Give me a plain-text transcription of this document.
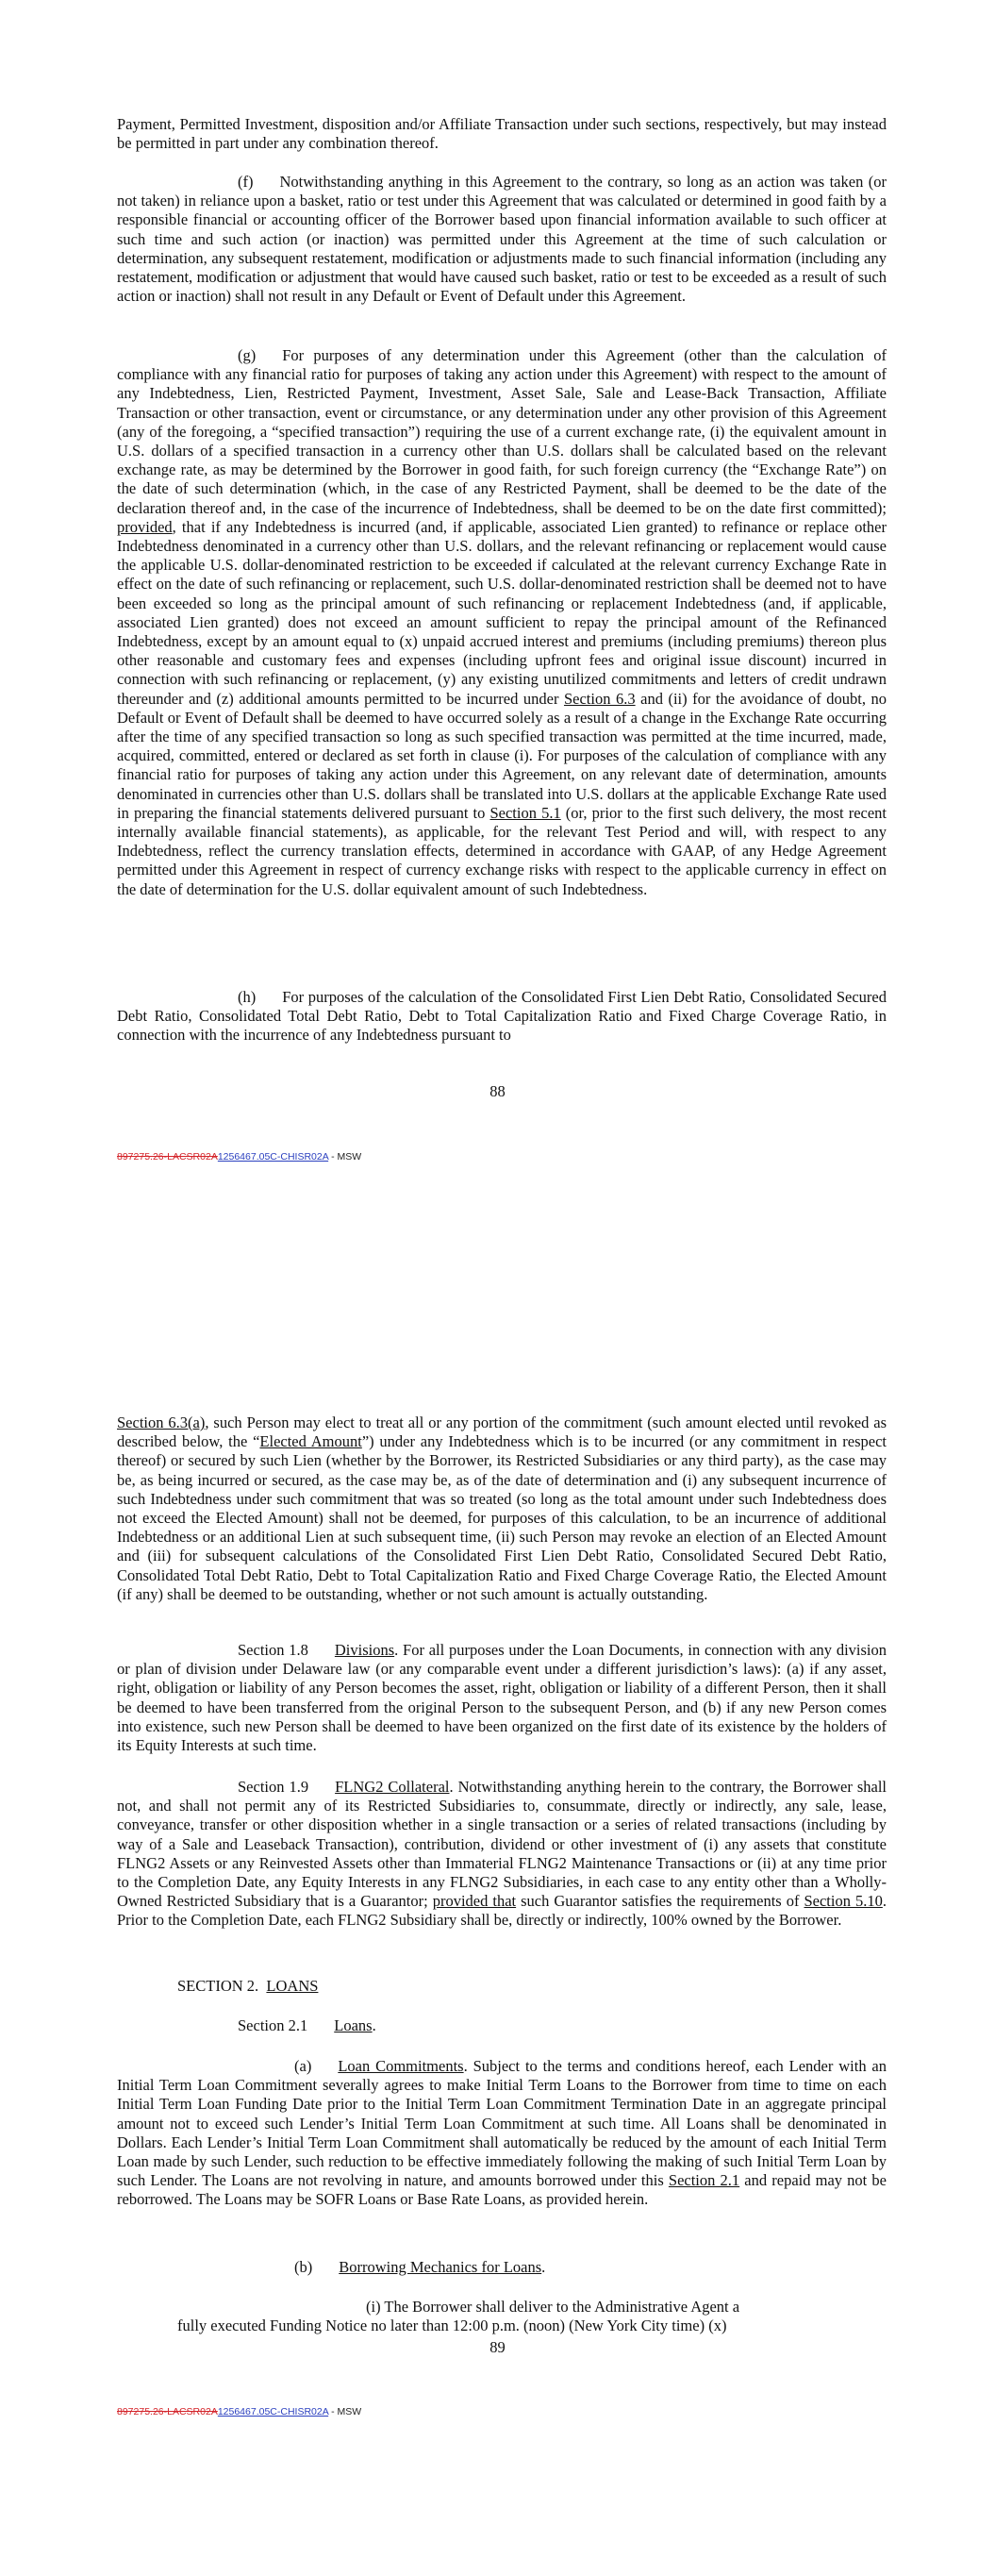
Payment, Permitted Investment, disposition and/or Affiliate Transaction under such sections, respectively, but may instead be permitted in part under any combination thereof.

(f) Notwithstanding anything in this Agreement to the contrary, so long as an action was taken (or not taken) in reliance upon a basket, ratio or test under this Agreement that was calculated or determined in good faith by a responsible financial or accounting officer of the Borrower based upon financial information available to such officer at such time and such action (or inaction) was permitted under this Agreement at the time of such calculation or determination, any subsequent restatement, modification or adjustments made to such financial information (including any restatement, modification or adjustment that would have caused such basket, ratio or test to be exceeded as a result of such action or inaction) shall not result in any Default or Event of Default under this Agreement.

(g) For purposes of any determination under this Agreement (other than the calculation of compliance with any financial ratio for purposes of taking any action under this Agreement) with respect to the amount of any Indebtedness, Lien, Restricted Payment, Investment, Asset Sale, Sale and Lease-Back Transaction, Affiliate Transaction or other transaction, event or circumstance, or any determination under any other provision of this Agreement (any of the foregoing, a “specified transaction”) requiring the use of a current exchange rate, (i) the equivalent amount in U.S. dollars of a specified transaction in a currency other than U.S. dollars shall be calculated based on the relevant exchange rate, as may be determined by the Borrower in good faith, for such foreign currency (the “Exchange Rate”) on the date of such determination (which, in the case of any Restricted Payment, shall be deemed to be the date of the declaration thereof and, in the case of the incurrence of Indebtedness, shall be deemed to be on the date first committed); provided, that if any Indebtedness is incurred (and, if applicable, associated Lien granted) to refinance or replace other Indebtedness denominated in a currency other than U.S. dollars, and the relevant refinancing or replacement would cause the applicable U.S. dollar-denominated restriction to be exceeded if calculated at the relevant currency Exchange Rate in effect on the date of such refinancing or replacement, such U.S. dollar-denominated restriction shall be deemed not to have been exceeded so long as the principal amount of such refinancing or replacement Indebtedness (and, if applicable, associated Lien granted) does not exceed an amount sufficient to repay the principal amount of the Refinanced Indebtedness, except by an amount equal to (x) unpaid accrued interest and premiums (including premiums) thereon plus other reasonable and customary fees and expenses (including upfront fees and original issue discount) incurred in connection with such refinancing or replacement, (y) any existing unutilized commitments and letters of credit undrawn thereunder and (z) additional amounts permitted to be incurred under Section 6.3 and (ii) for the avoidance of doubt, no Default or Event of Default shall be deemed to have occurred solely as a result of a change in the Exchange Rate occurring after the time of any specified transaction so long as such specified transaction was permitted at the time incurred, made, acquired, committed, entered or declared as set forth in clause (i). For purposes of the calculation of compliance with any financial ratio for purposes of taking any action under this Agreement, on any relevant date of determination, amounts denominated in currencies other than U.S. dollars shall be translated into U.S. dollars at the applicable Exchange Rate used in preparing the financial statements delivered pursuant to Section 5.1 (or, prior to the first such delivery, the most recent internally available financial statements), as applicable, for the relevant Test Period and will, with respect to any Indebtedness, reflect the currency translation effects, determined in accordance with GAAP, of any Hedge Agreement permitted under this Agreement in respect of currency exchange risks with respect to the applicable currency in effect on the date of determination for the U.S. dollar equivalent amount of such Indebtedness.

(h) For purposes of the calculation of the Consolidated First Lien Debt Ratio, Consolidated Secured Debt Ratio, Consolidated Total Debt Ratio, Debt to Total Capitalization Ratio and Fixed Charge Coverage Ratio, in connection with the incurrence of any Indebtedness pursuant to

88
897275.26-LACSR02A1256467.05C-CHISR02A - MSW

Section 6.3(a), such Person may elect to treat all or any portion of the commitment (such amount elected until revoked as described below, the “Elected Amount”) under any Indebtedness which is to be incurred (or any commitment in respect thereof) or secured by such Lien (whether by the Borrower, its Restricted Subsidiaries or any third party), as the case may be, as being incurred or secured, as the case may be, as of the date of determination and (i) any subsequent incurrence of such Indebtedness under such commitment that was so treated (so long as the total amount under such Indebtedness does not exceed the Elected Amount) shall not be deemed, for purposes of this calculation, to be an incurrence of additional Indebtedness or an additional Lien at such subsequent time, (ii) such Person may revoke an election of an Elected Amount and (iii) for subsequent calculations of the Consolidated First Lien Debt Ratio, Consolidated Secured Debt Ratio, Consolidated Total Debt Ratio, Debt to Total Capitalization Ratio and Fixed Charge Coverage Ratio, the Elected Amount (if any) shall be deemed to be outstanding, whether or not such amount is actually outstanding.

Section 1.8 Divisions. For all purposes under the Loan Documents, in connection with any division or plan of division under Delaware law (or any comparable event under a different jurisdiction’s laws): (a) if any asset, right, obligation or liability of any Person becomes the asset, right, obligation or liability of a different Person, then it shall be deemed to have been transferred from the original Person to the subsequent Person, and (b) if any new Person comes into existence, such new Person shall be deemed to have been organized on the first date of its existence by the holders of its Equity Interests at such time.

Section 1.9 FLNG2 Collateral. Notwithstanding anything herein to the contrary, the Borrower shall not, and shall not permit any of its Restricted Subsidiaries to, consummate, directly or indirectly, any sale, lease, conveyance, transfer or other disposition whether in a single transaction or a series of related transactions (including by way of a Sale and Leaseback Transaction), contribution, dividend or other investment of (i) any assets that constitute FLNG2 Assets or any Reinvested Assets other than Immaterial FLNG2 Maintenance Transactions or (ii) at any time prior to the Completion Date, any Equity Interests in any FLNG2 Subsidiaries, in each case to any entity other than a Wholly-Owned Restricted Subsidiary that is a Guarantor; provided that such Guarantor satisfies the requirements of Section 5.10. Prior to the Completion Date, each FLNG2 Subsidiary shall be, directly or indirectly, 100% owned by the Borrower.

SECTION 2. LOANS

Section 2.1 Loans.

(a) Loan Commitments. Subject to the terms and conditions hereof, each Lender with an Initial Term Loan Commitment severally agrees to make Initial Term Loans to the Borrower from time to time on each Initial Term Loan Funding Date prior to the Initial Term Loan Commitment Termination Date in an aggregate principal amount not to exceed such Lender’s Initial Term Loan Commitment at such time. All Loans shall be denominated in Dollars. Each Lender’s Initial Term Loan Commitment shall automatically be reduced by the amount of each Initial Term Loan made by such Lender, such reduction to be effective immediately following the making of such Initial Term Loan by such Lender. The Loans are not revolving in nature, and amounts borrowed under this Section 2.1 and repaid may not be reborrowed. The Loans may be SOFR Loans or Base Rate Loans, as provided herein.

(b) Borrowing Mechanics for Loans.

(i) The Borrower shall deliver to the Administrative Agent a

fully executed Funding Notice no later than 12:00 p.m. (noon) (New York City time) (x)

89
897275.26-LACSR02A1256467.05C-CHISR02A - MSW
